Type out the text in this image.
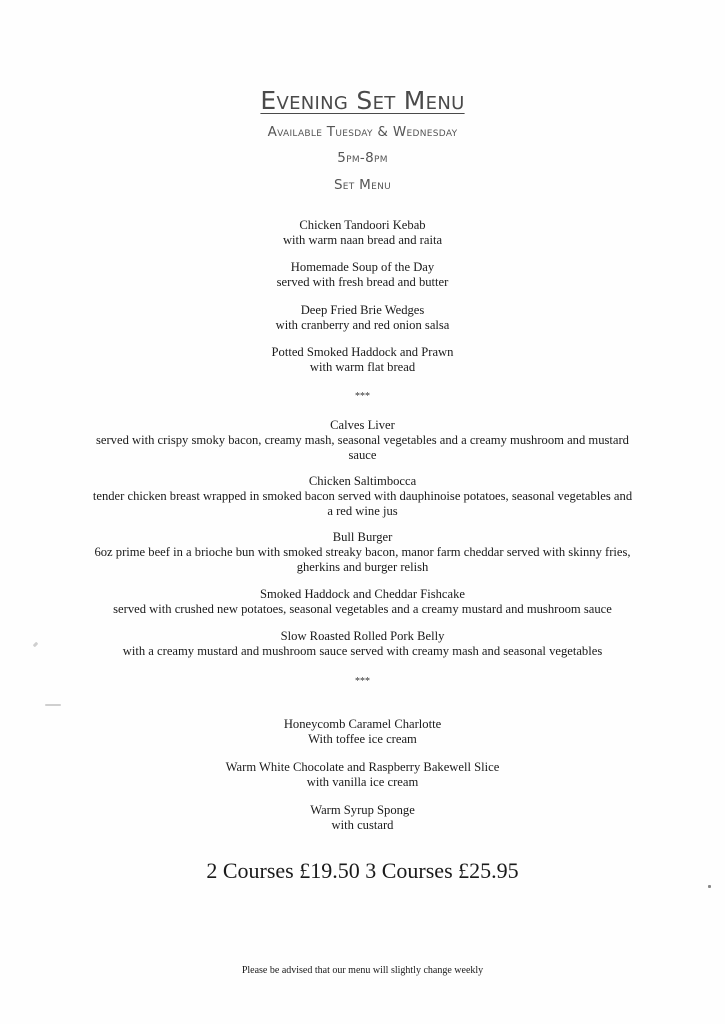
Evening Set Menu
Available Tuesday & Wednesday
5pm-8pm
Set Menu
Chicken Tandoori Kebab
with warm naan bread and raita
Homemade Soup of the Day
served with fresh bread and butter
Deep Fried Brie Wedges
with cranberry and red onion salsa
Potted Smoked Haddock and Prawn
with warm flat bread
***
Calves Liver
served with crispy smoky bacon, creamy mash, seasonal vegetables and a creamy mushroom and mustard
sauce
Chicken Saltimbocca
tender chicken breast wrapped in smoked bacon served with dauphinoise potatoes, seasonal vegetables and
a red wine jus
Bull Burger
6oz prime beef in a brioche bun with smoked streaky bacon, manor farm cheddar served with skinny fries,
gherkins and burger relish
Smoked Haddock and Cheddar Fishcake
served with crushed new potatoes, seasonal vegetables and a creamy mustard and mushroom sauce
Slow Roasted Rolled Pork Belly
with a creamy mustard and mushroom sauce served with creamy mash and seasonal vegetables
***
Honeycomb Caramel Charlotte
With toffee ice cream
Warm White Chocolate and Raspberry Bakewell Slice
with vanilla ice cream
Warm Syrup Sponge
with custard
2 Courses £19.50 3 Courses £25.95
Please be advised that our menu will slightly change weekly
